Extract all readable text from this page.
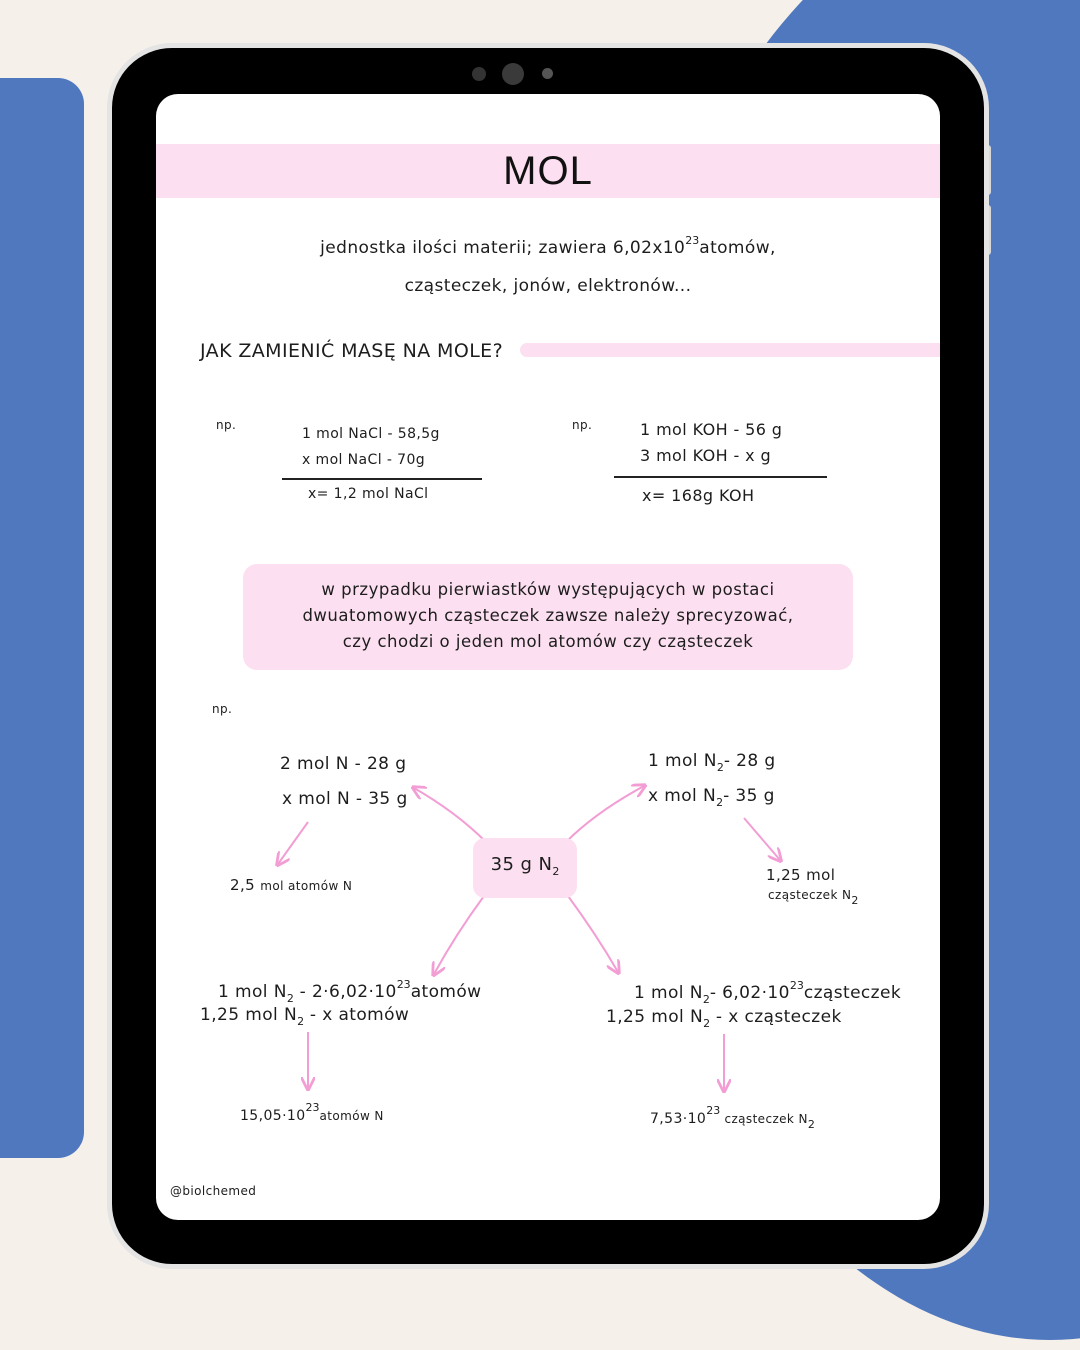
MOL
jednostka ilości materii; zawiera $6,02x10^{23}atomów$,
cząsteczek, jonów, elektronów...
JAK ZAMIENIĆ MASĘ NA MOLE?
np.
1 mol NaCl - 58,5g
x mol NaCl - 70g
x= 1,2 mol NaCl
np.	1 mol KOH - 56 g
3 mol KOH - x g
x= 168g KOH
w przypadku pierwiastków występujących w postaci
dwuatomowych cząsteczek zawsze należy sprecyzować,
czy chodzi o jeden mol atomów czy cząsteczek
np.
35 g $N_2$
2 mol N - 28 g
x mol N - 35 g
2,5 mol atomów N
1 mol $N_2-$ 28 g
x mol $N_2-$ 35 g
1,25 mol
cząsteczek N2
1 mol $N_2$ - $2\cdot 6,02\cdot 10^{23}atomów$
1,25 mol $N_2$ - x atomów
$15,05\cdot 10^{23}atomów$ N
1 mol $N_2-$ $6,02\cdot 10^{23}cząsteczek$
1,25 mol $N_2$ - x cząsteczek
$7,53\cdot 10^{23}$ cząsteczek $N_2$
@biolchemed
